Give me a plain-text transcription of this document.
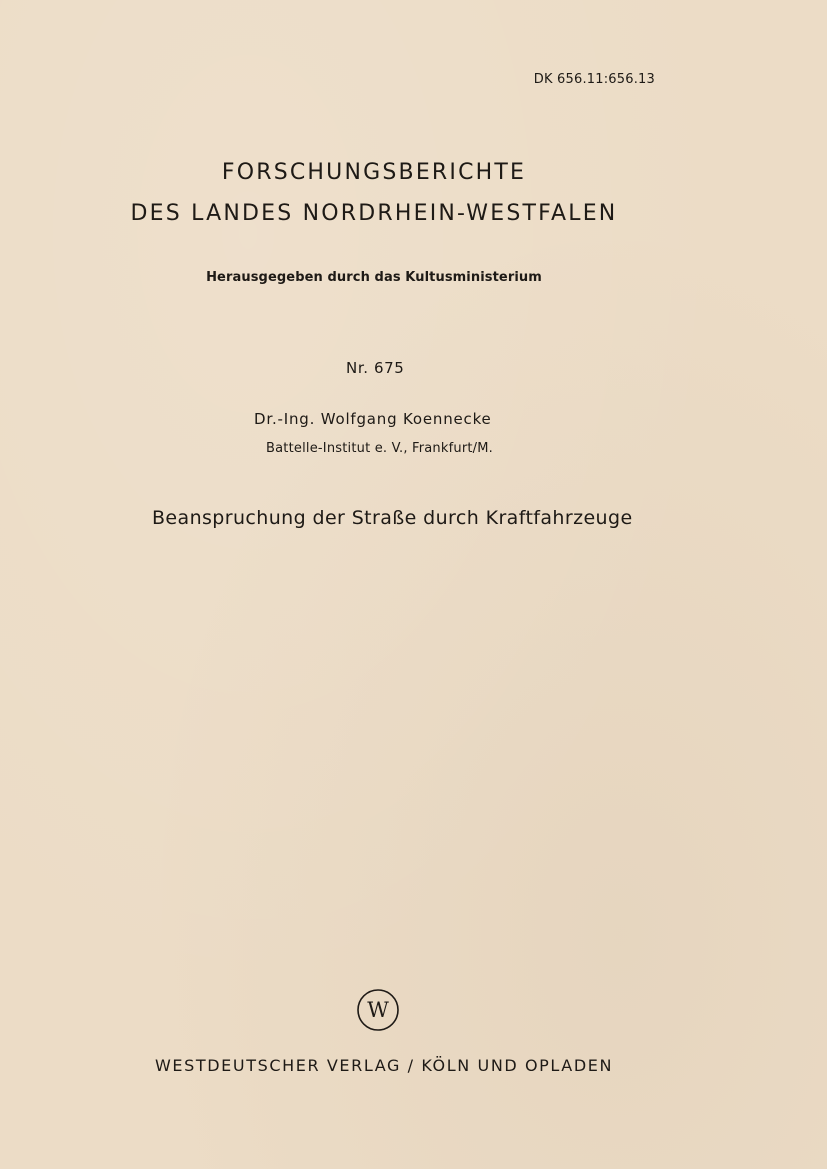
DK 656.11:656.13
FORSCHUNGSBERICHTE
DES LANDES NORDRHEIN-WESTFALEN
Herausgegeben durch das Kultusministerium
Nr. 675
Dr.-Ing. Wolfgang Koennecke
Battelle-Institut e. V., Frankfurt/M.
Beanspruchung der Straße durch Kraftfahrzeuge
W
WESTDEUTSCHER VERLAG / KÖLN UND OPLADEN
